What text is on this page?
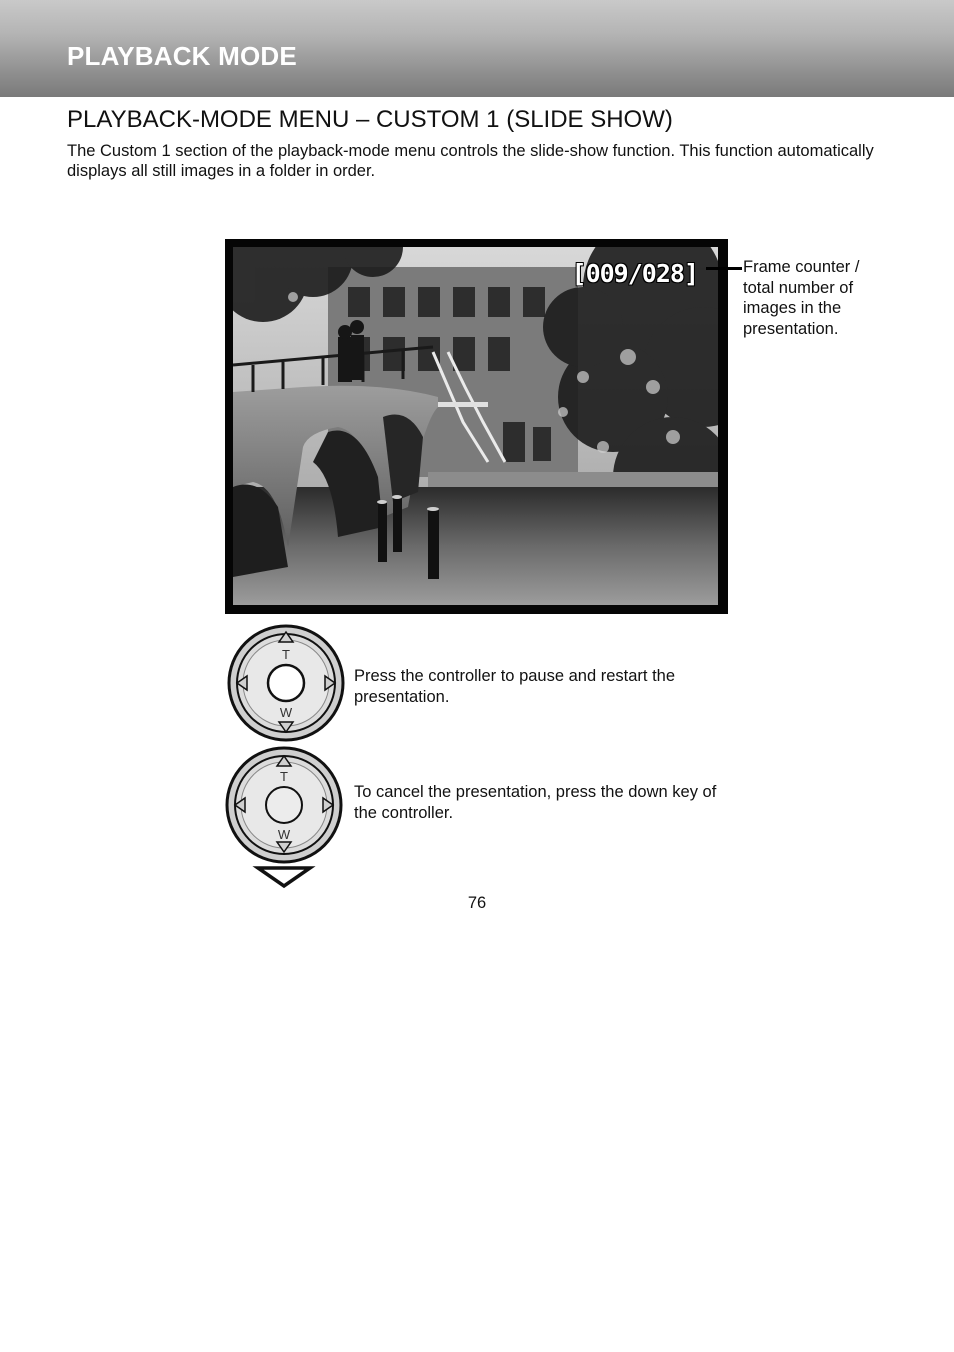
PLAYBACK MODE
PLAYBACK-MODE MENU – CUSTOM 1 (SLIDE SHOW)

The Custom 1 section of the playback-mode menu controls the slide-show function. This function automatically displays all still images in a folder in order.

[009/028]	Frame counter / total number of images in the presentation.

T
W

Press the controller to pause and restart the presentation.

T
W

To cancel the presentation, press the down key of the controller.

76
